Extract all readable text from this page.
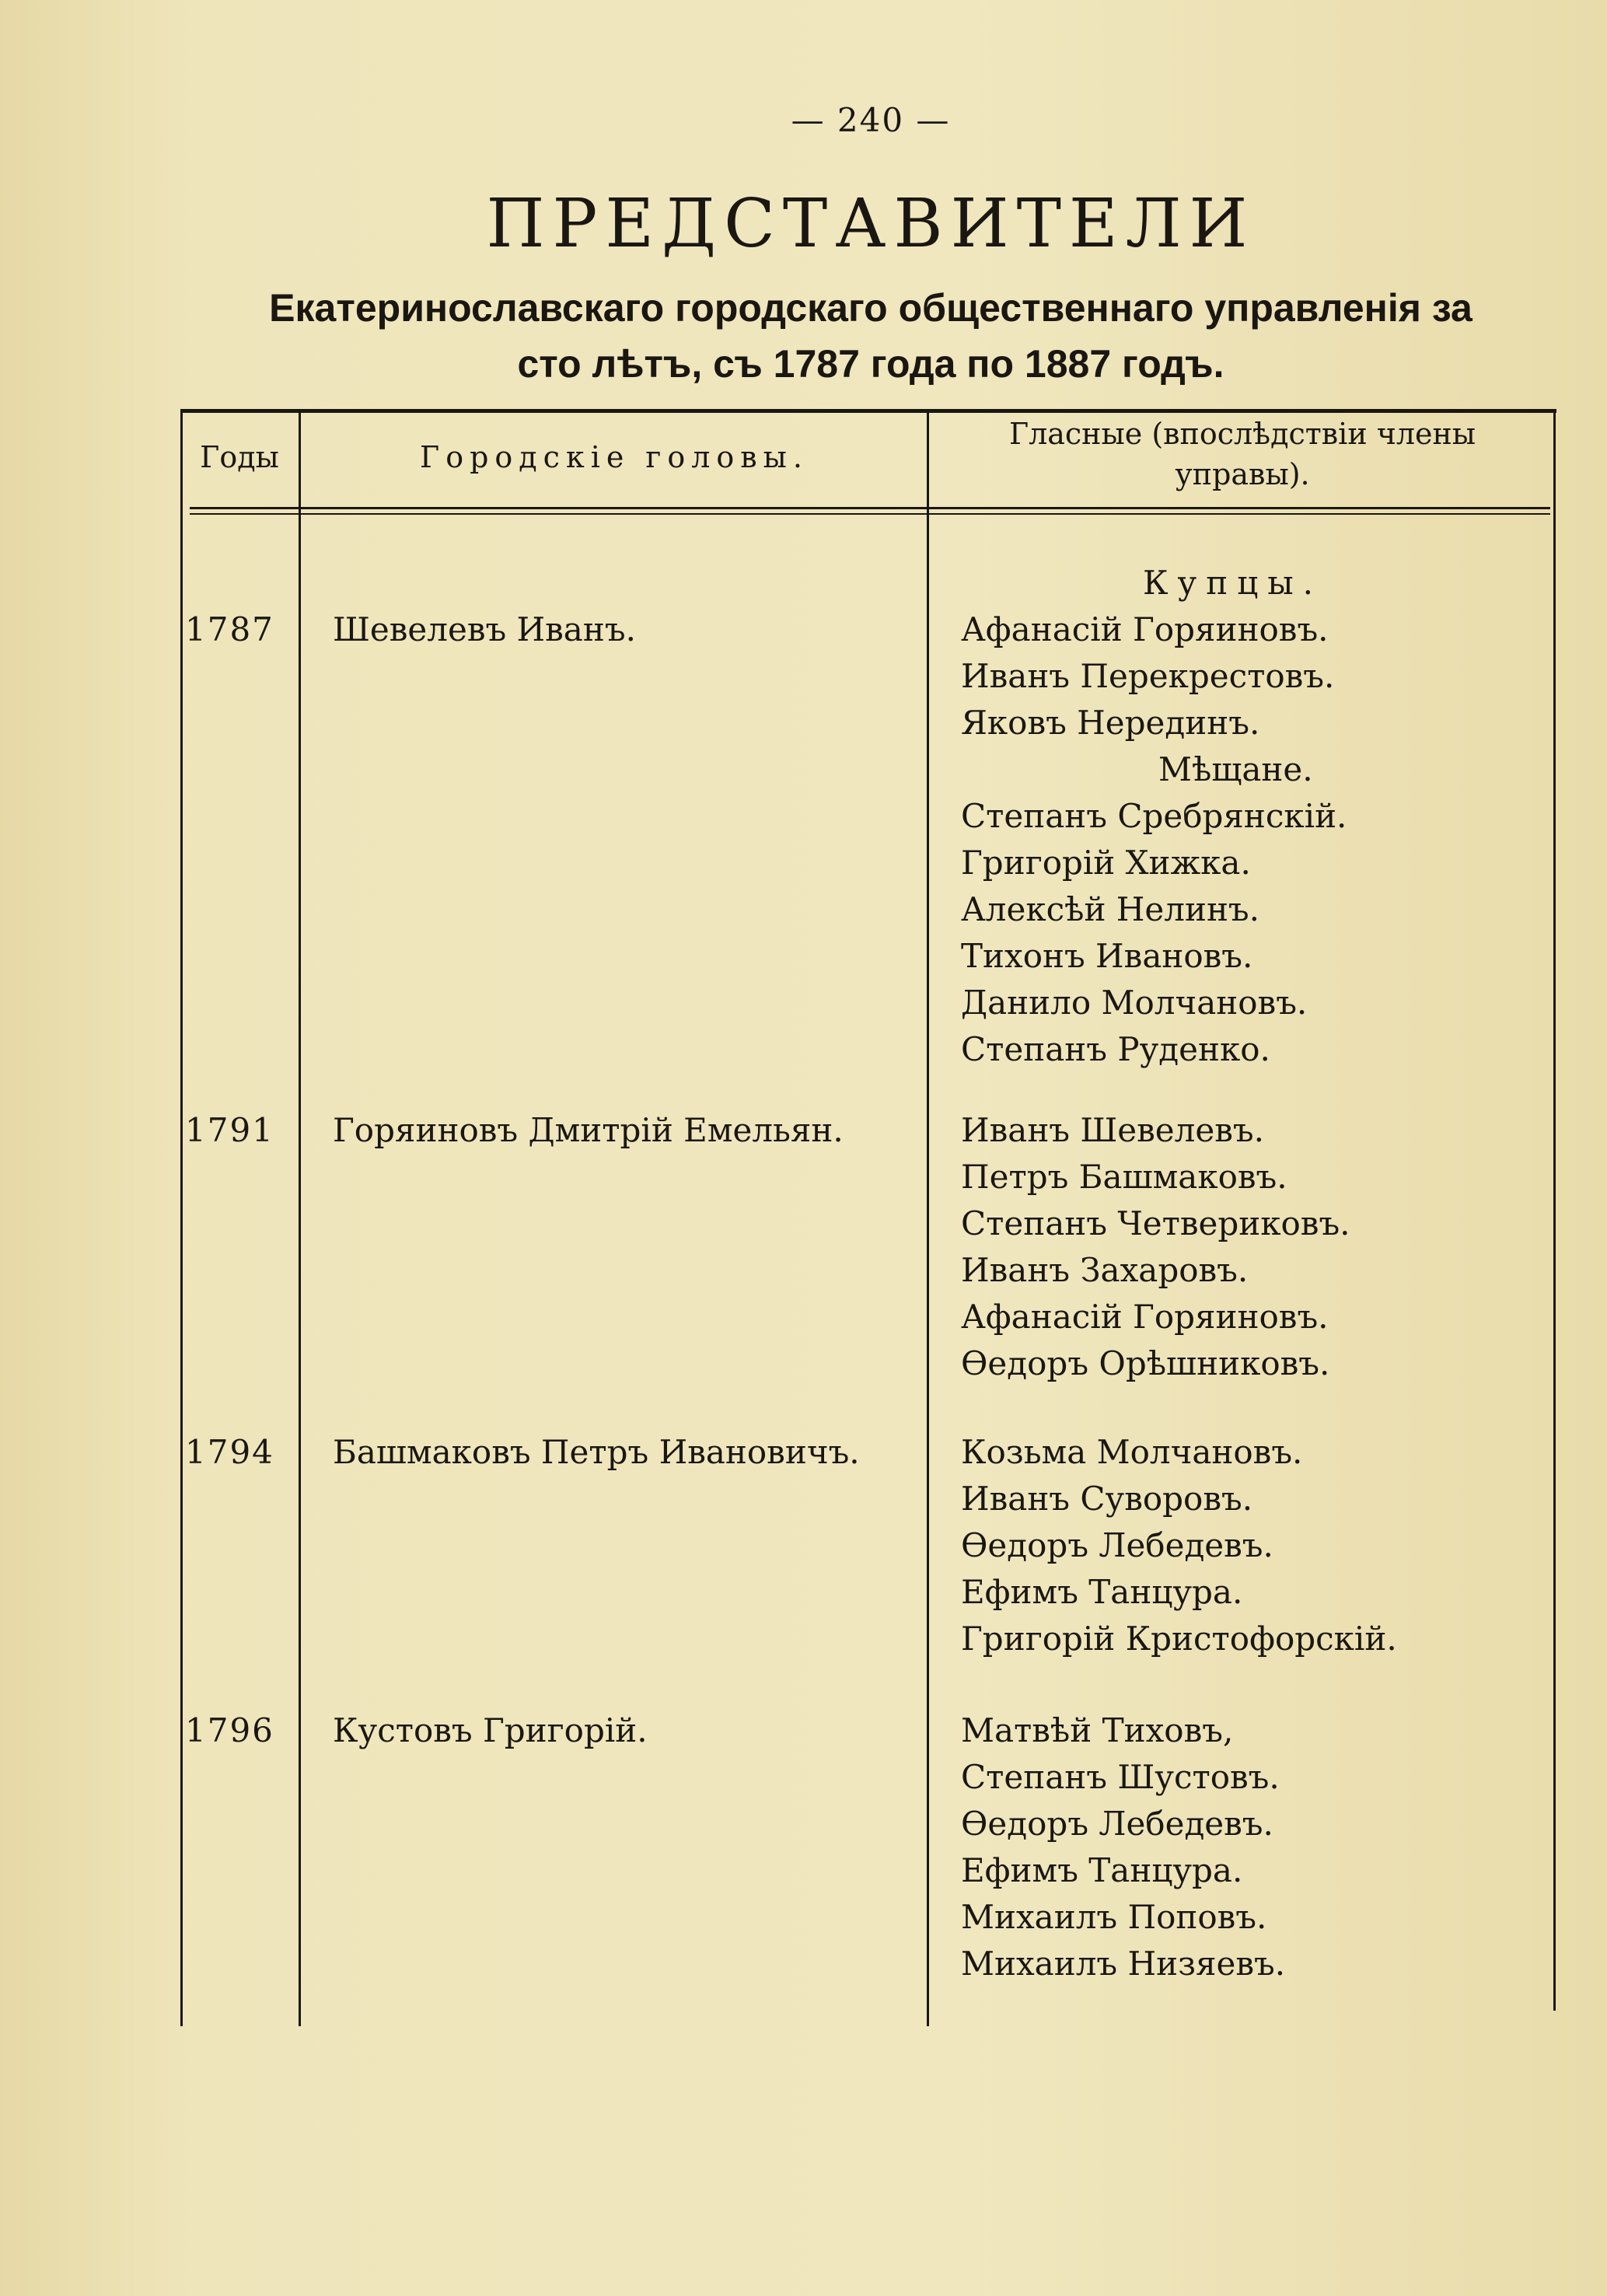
— 240 —
ПРЕДСТАВИТЕЛИ
Екатеринославскаго городскаго общественнаго управленія за
сто лѣтъ, съ 1787 года по 1887 годъ.
Годы	Городскіе головы.
Гласные (впослѣдствіи члены
управы).
Купцы.
1787 Шевелевъ Иванъ.	Афанасій Горяиновъ.
Иванъ Перекрестовъ.
Яковъ Нерединъ.
Мѣщане.
Степанъ Сребрянскій.
Григорій Хижка.
Алексѣй Нелинъ.
Тихонъ Ивановъ.
Данило Молчановъ.
Степанъ Руденко.
1791 Горяиновъ Дмитрій Емельян.	Иванъ Шевелевъ.
Петръ Башмаковъ.
Степанъ Четвериковъ.
Иванъ Захаровъ.
Афанасій Горяиновъ.
Ѳедоръ Орѣшниковъ.
1794 Башмаковъ Петръ Ивановичъ.	Козьма Молчановъ.
Иванъ Суворовъ.
Ѳедоръ Лебедевъ.
Ефимъ Танцура.
Григорій Кристофорскій.
1796 Кустовъ Григорій.	Матвѣй Тиховъ,
Степанъ Шустовъ.
Ѳедоръ Лебедевъ.
Ефимъ Танцура.
Михаилъ Поповъ.
Михаилъ Низяевъ.
